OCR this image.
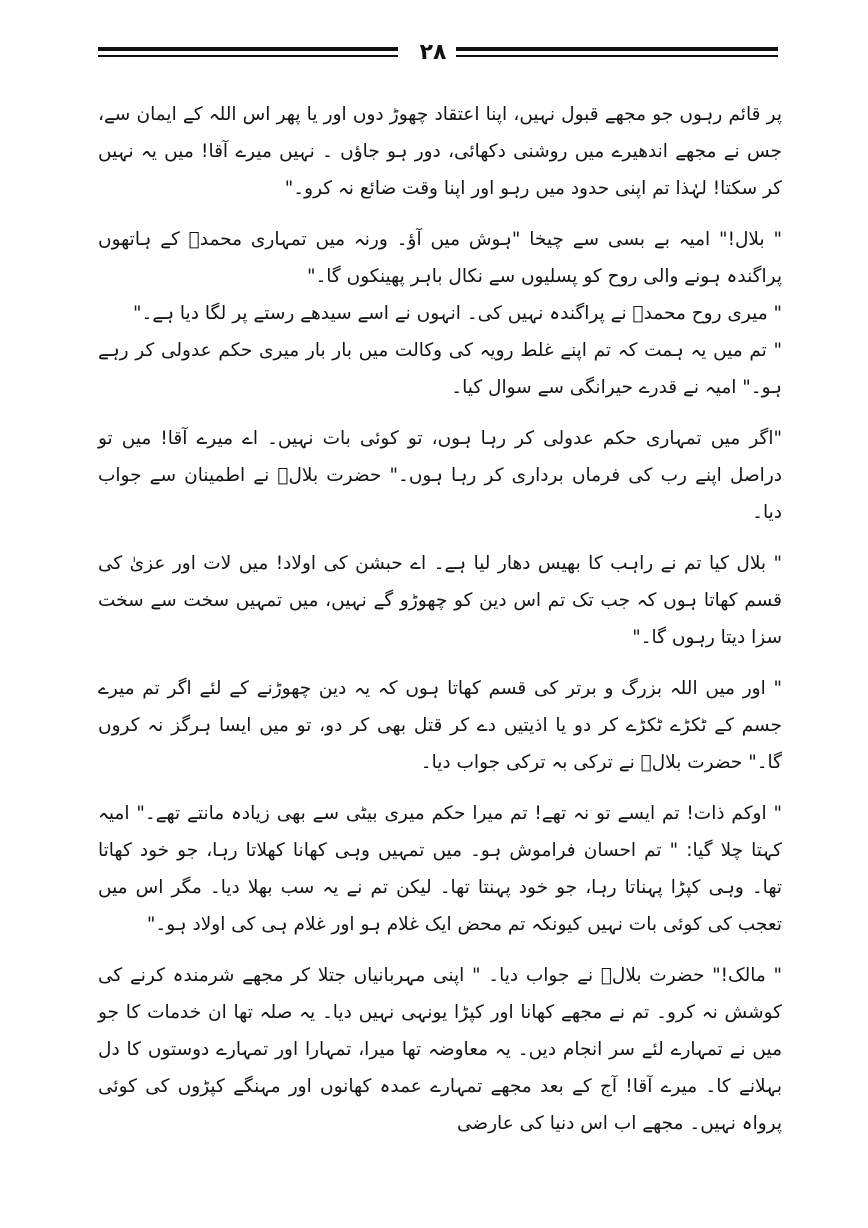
۲۸

پر قائم رہوں جو مجھے قبول نہیں، اپنا اعتقاد چھوڑ دوں اور یا پھر اس اللہ کے ایمان سے، جس نے مجھے اندھیرے میں روشنی دکھائی، دور ہو جاؤں ۔ نہیں میرے آقا! میں یہ نہیں کر سکتا! لہٰذا تم اپنی حدود میں رہو اور اپنا وقت ضائع نہ کرو۔"

" بلال!" امیہ بے بسی سے چیخا "ہوش میں آؤ۔ ورنہ میں تمہاری محمدؐ کے ہاتھوں پراگندہ ہونے والی روح کو پسلیوں سے نکال باہر پھینکوں گا۔"

" میری روح محمدؐ نے پراگندہ نہیں کی۔ انہوں نے اسے سیدھے رستے پر لگا دیا ہے۔"

" تم میں یہ ہمت کہ تم اپنے غلط رویہ کی وکالت میں بار بار میری حکم عدولی کر رہے ہو۔" امیہ نے قدرے حیرانگی سے سوال کیا۔

"اگر میں تمہاری حکم عدولی کر رہا ہوں، تو کوئی بات نہیں۔ اے میرے آقا! میں تو دراصل اپنے رب کی فرماں برداری کر رہا ہوں۔" حضرت بلالؓ نے اطمینان سے جواب دیا۔

" بلال کیا تم نے راہب کا بھیس دھار لیا ہے۔ اے حبشن کی اولاد! میں لات اور عزیٰ کی قسم کھاتا ہوں کہ جب تک تم اس دین کو چھوڑو گے نہیں، میں تمہیں سخت سے سخت سزا دیتا رہوں گا۔"

" اور میں اللہ بزرگ و برتر کی قسم کھاتا ہوں کہ یہ دین چھوڑنے کے لئے اگر تم میرے جسم کے ٹکڑے ٹکڑے کر دو یا اذیتیں دے کر قتل بھی کر دو، تو میں ایسا ہرگز نہ کروں گا۔" حضرت بلالؓ نے ترکی بہ ترکی جواب دیا۔

" اوکم ذات! تم ایسے تو نہ تھے! تم میرا حکم میری بیٹی سے بھی زیادہ مانتے تھے۔" امیہ کہتا چلا گیا: " تم احسان فراموش ہو۔ میں تمہیں وہی کھانا کھلاتا رہا، جو خود کھاتا تھا۔ وہی کپڑا پہناتا رہا، جو خود پہنتا تھا۔ لیکن تم نے یہ سب بھلا دیا۔ مگر اس میں تعجب کی کوئی بات نہیں کیونکہ تم محض ایک غلام ہو اور غلام ہی کی اولاد ہو۔"

" مالک!" حضرت بلالؓ نے جواب دیا۔ " اپنی مہربانیاں جتلا کر مجھے شرمندہ کرنے کی کوشش نہ کرو۔ تم نے مجھے کھانا اور کپڑا یونہی نہیں دیا۔ یہ صلہ تھا ان خدمات کا جو میں نے تمہارے لئے سر انجام دیں۔ یہ معاوضہ تھا میرا، تمہارا اور تمہارے دوستوں کا دل بہلانے کا۔ میرے آقا! آج کے بعد مجھے تمہارے عمدہ کھانوں اور مہنگے کپڑوں کی کوئی پرواہ نہیں۔ مجھے اب اس دنیا کی عارضی
